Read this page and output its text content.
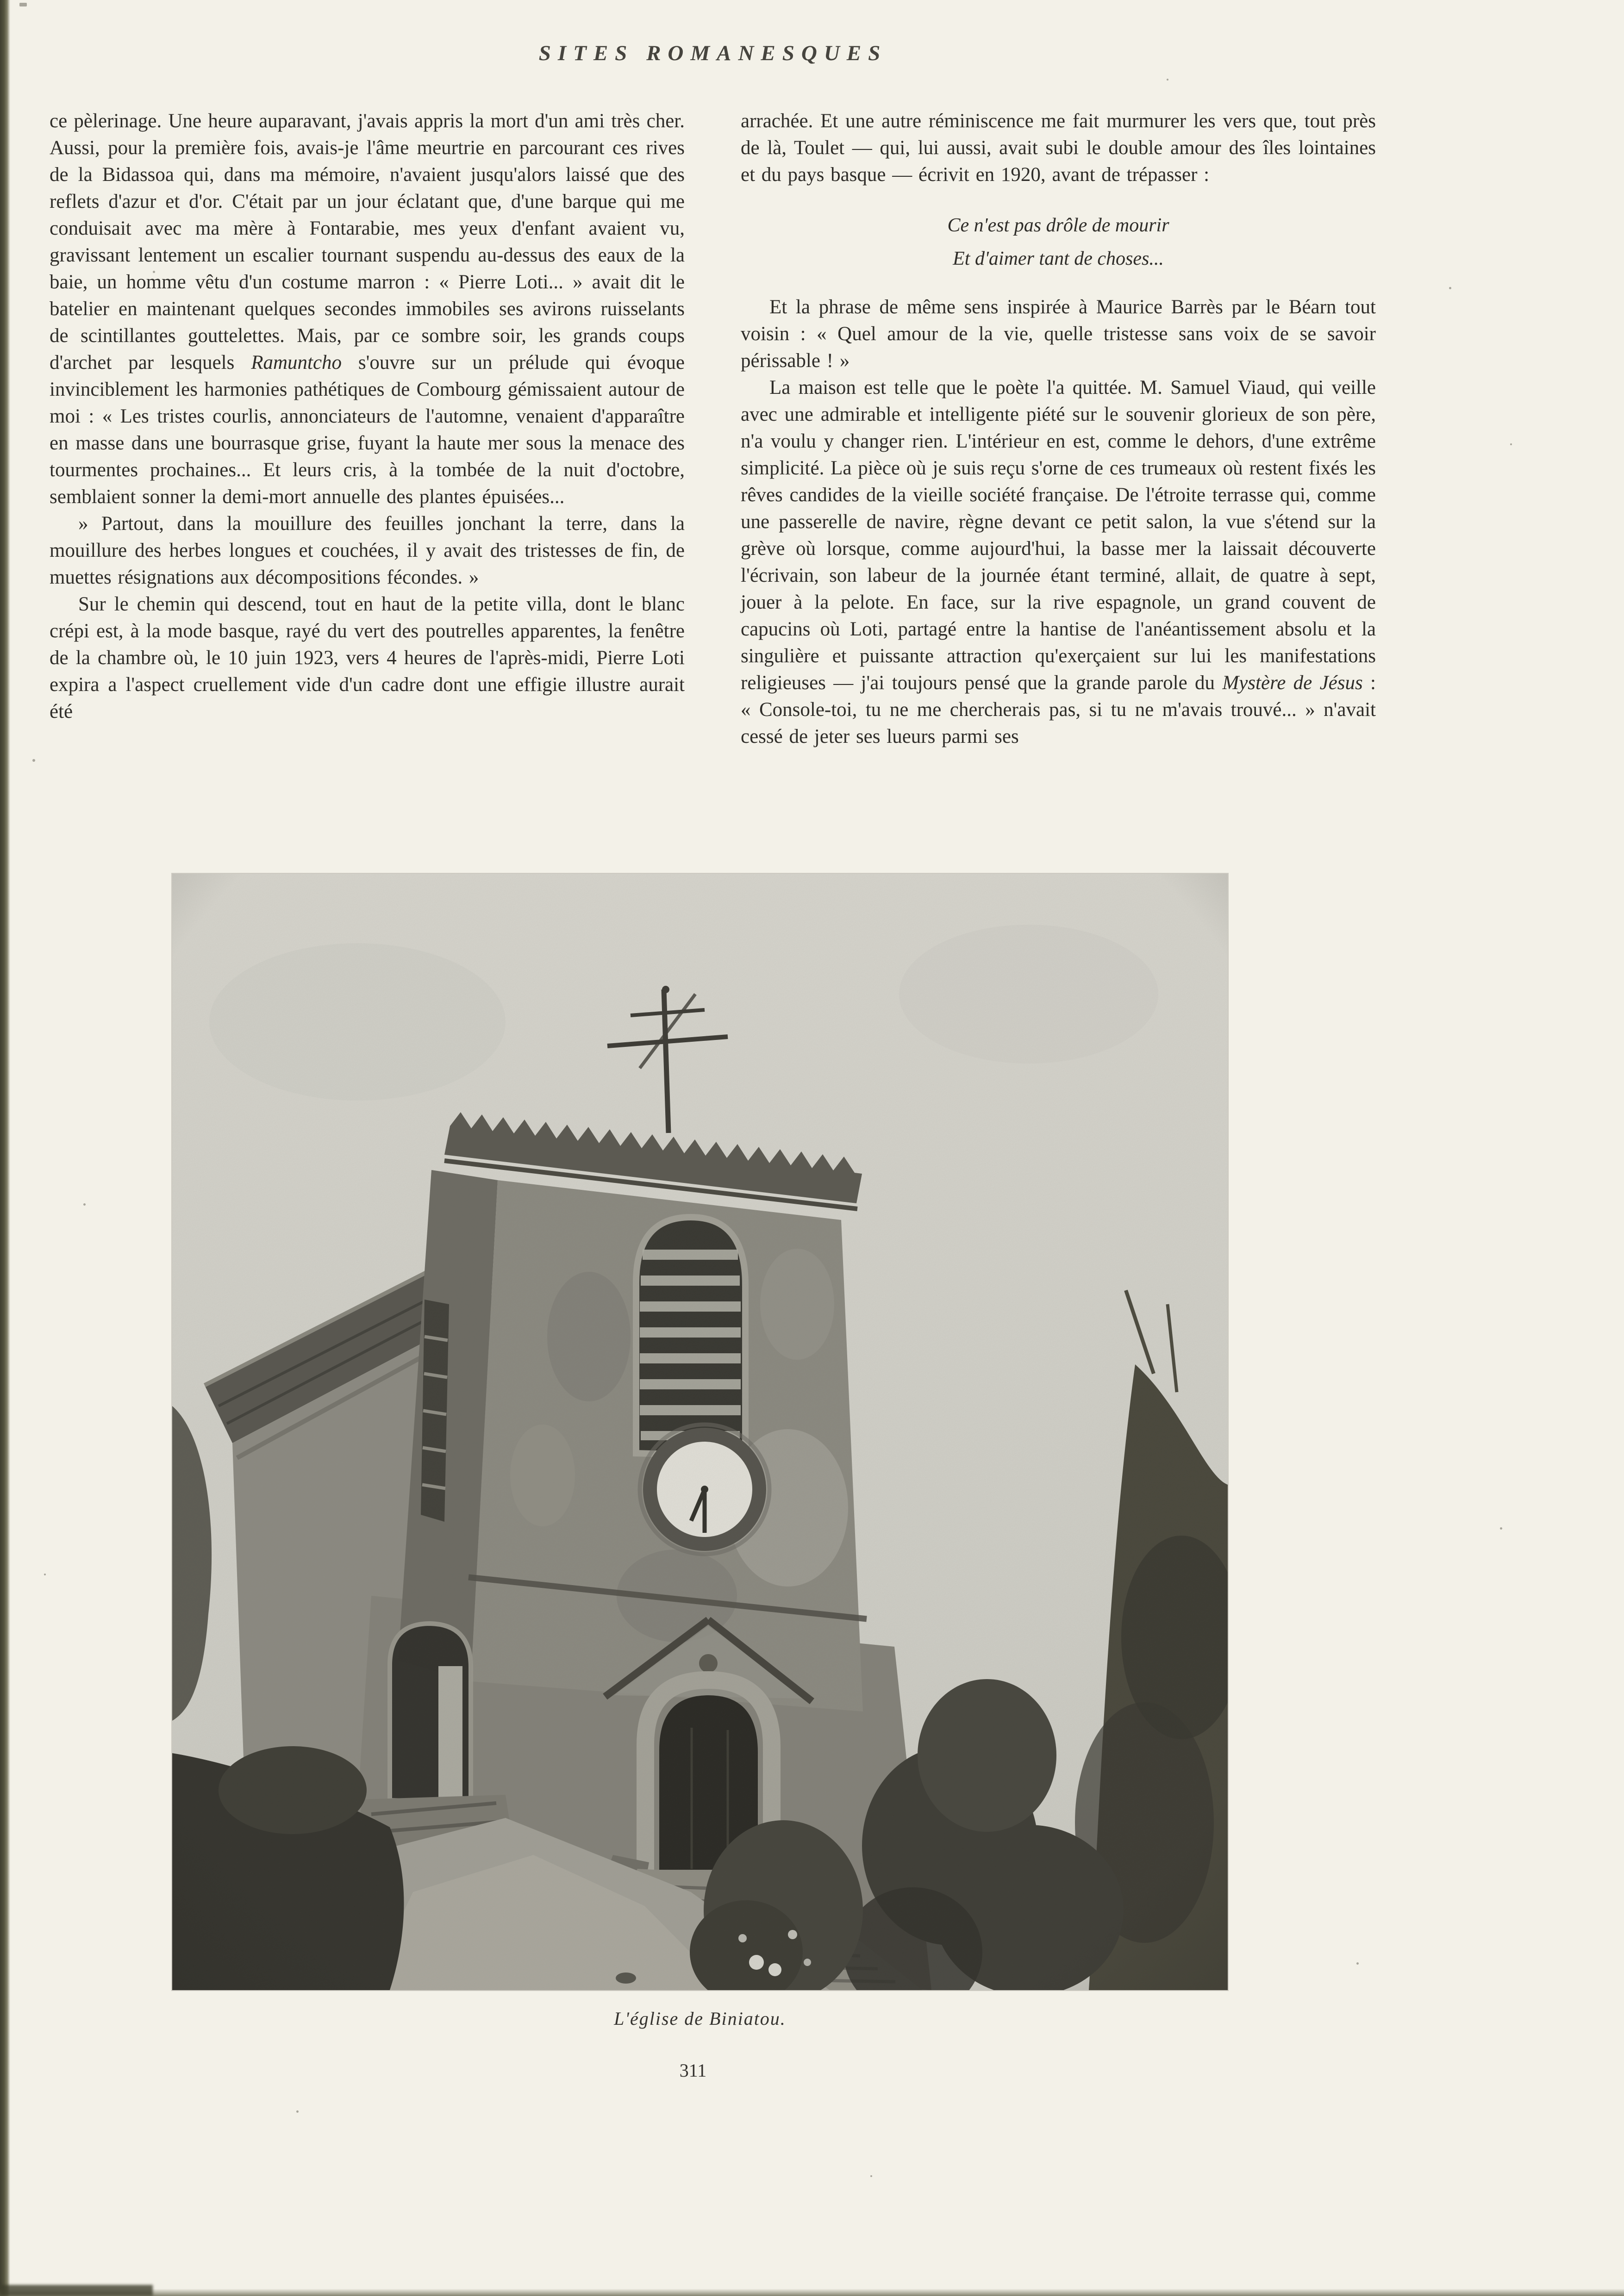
SITES ROMANESQUES

ce pèlerinage. Une heure auparavant, j'avais appris la mort d'un ami très cher. Aussi, pour la première fois, avais-je l'âme meurtrie en parcourant ces rives de la Bidassoa qui, dans ma mémoire, n'avaient jusqu'alors laissé que des reflets d'azur et d'or. C'était par un jour éclatant que, d'une barque qui me conduisait avec ma mère à Fontarabie, mes yeux d'enfant avaient vu, gravissant lentement un escalier tournant suspendu au-dessus des eaux de la baie, un homme vêtu d'un costume marron : « Pierre Loti... » avait dit le batelier en maintenant quelques secondes immobiles ses avirons ruisselants de scintillantes gouttelettes. Mais, par ce sombre soir, les grands coups d'archet par lesquels Ramuntcho s'ouvre sur un prélude qui évoque invinciblement les harmonies pathétiques de Combourg gémissaient autour de moi : « Les tristes courlis, annonciateurs de l'automne, venaient d'apparaître en masse dans une bourrasque grise, fuyant la haute mer sous la menace des tourmentes prochaines... Et leurs cris, à la tombée de la nuit d'octobre, semblaient sonner la demi-mort annuelle des plantes épuisées...

» Partout, dans la mouillure des feuilles jonchant la terre, dans la mouillure des herbes longues et couchées, il y avait des tristesses de fin, de muettes résignations aux décompositions fécondes. »

Sur le chemin qui descend, tout en haut de la petite villa, dont le blanc crépi est, à la mode basque, rayé du vert des poutrelles apparentes, la fenêtre de la chambre où, le 10 juin 1923, vers 4 heures de l'après-midi, Pierre Loti expira a l'aspect cruellement vide d'un cadre dont une effigie illustre aurait été

arrachée. Et une autre réminiscence me fait murmurer les vers que, tout près de là, Toulet — qui, lui aussi, avait subi le double amour des îles lointaines et du pays basque — écrivit en 1920, avant de trépasser :

Ce n'est pas drôle de mourir
Et d'aimer tant de choses...

Et la phrase de même sens inspirée à Maurice Barrès par le Béarn tout voisin : « Quel amour de la vie, quelle tristesse sans voix de se savoir périssable ! »

La maison est telle que le poète l'a quittée. M. Samuel Viaud, qui veille avec une admirable et intelligente piété sur le souvenir glorieux de son père, n'a voulu y changer rien. L'intérieur en est, comme le dehors, d'une extrême simplicité. La pièce où je suis reçu s'orne de ces trumeaux où restent fixés les rêves candides de la vieille société française. De l'étroite terrasse qui, comme une passerelle de navire, règne devant ce petit salon, la vue s'étend sur la grève où lorsque, comme aujourd'hui, la basse mer la laissait découverte l'écrivain, son labeur de la journée étant terminé, allait, de quatre à sept, jouer à la pelote. En face, sur la rive espagnole, un grand couvent de capucins où Loti, partagé entre la hantise de l'anéantissement absolu et la singulière et puissante attraction qu'exerçaient sur lui les manifestations religieuses — j'ai toujours pensé que la grande parole du Mystère de Jésus : « Console-toi, tu ne me chercherais pas, si tu ne m'avais trouvé... » n'avait cessé de jeter ses lueurs parmi ses

L'église de Biniatou.
311
